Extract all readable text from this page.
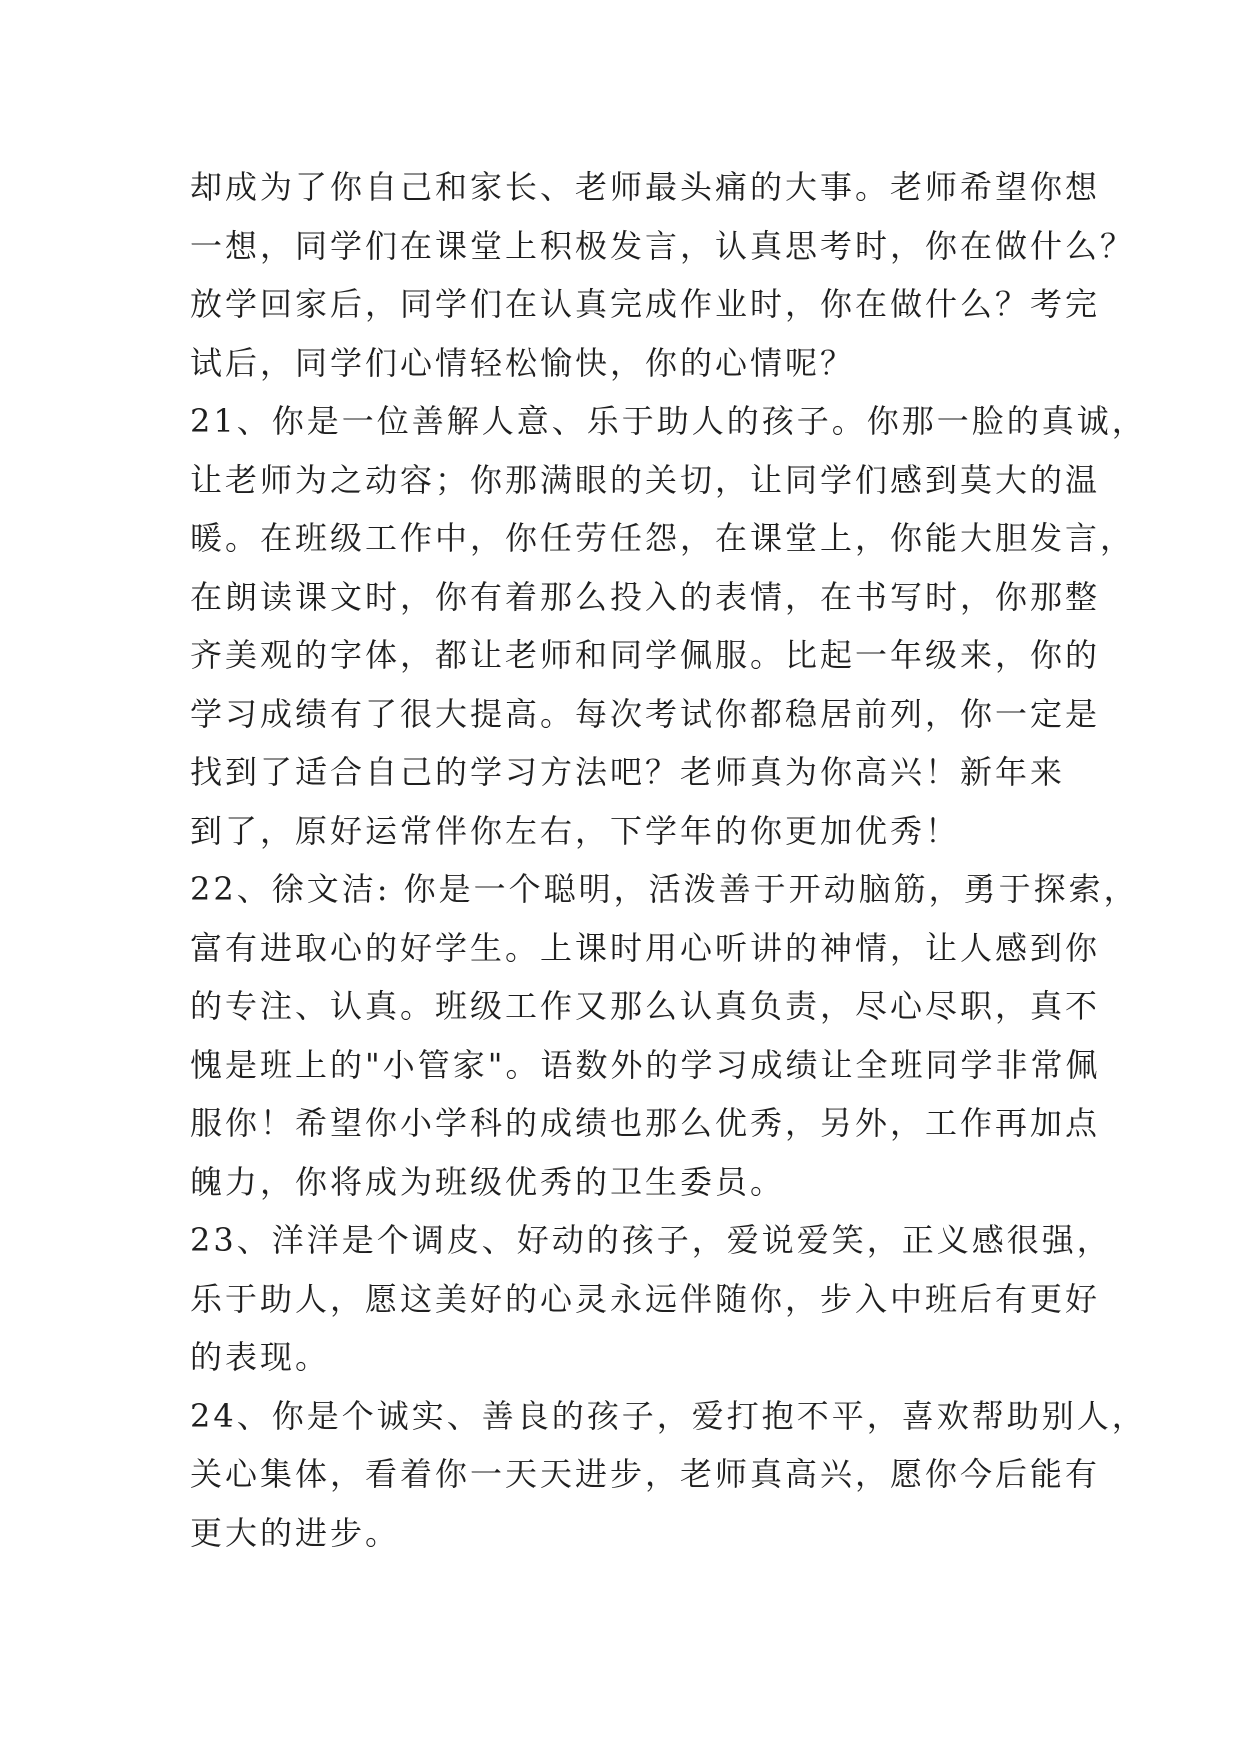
却成为了你自己和家长、老师最头痛的大事。老师希望你想
一想，同学们在课堂上积极发言，认真思考时，你在做什么？
放学回家后，同学们在认真完成作业时，你在做什么？考完
试后，同学们心情轻松愉快，你的心情呢？
21、你是一位善解人意、乐于助人的孩子。你那一脸的真诚，
让老师为之动容；你那满眼的关切，让同学们感到莫大的温
暖。在班级工作中，你任劳任怨，在课堂上，你能大胆发言，
在朗读课文时，你有着那么投入的表情，在书写时，你那整
齐美观的字体，都让老师和同学佩服。比起一年级来，你的
学习成绩有了很大提高。每次考试你都稳居前列，你一定是
找到了适合自己的学习方法吧？老师真为你高兴！新年来
到了，原好运常伴你左右，下学年的你更加优秀！
22、徐文洁: 你是一个聪明，活泼善于开动脑筋，勇于探索，
富有进取心的好学生。上课时用心听讲的神情，让人感到你
的专注、认真。班级工作又那么认真负责，尽心尽职，真不
愧是班上的"小管家"。语数外的学习成绩让全班同学非常佩
服你！希望你小学科的成绩也那么优秀，另外，工作再加点
魄力，你将成为班级优秀的卫生委员。
23、洋洋是个调皮、好动的孩子，爱说爱笑，正义感很强，
乐于助人，愿这美好的心灵永远伴随你，步入中班后有更好
的表现。
24、你是个诚实、善良的孩子，爱打抱不平，喜欢帮助别人，
关心集体，看着你一天天进步，老师真高兴，愿你今后能有
更大的进步。
